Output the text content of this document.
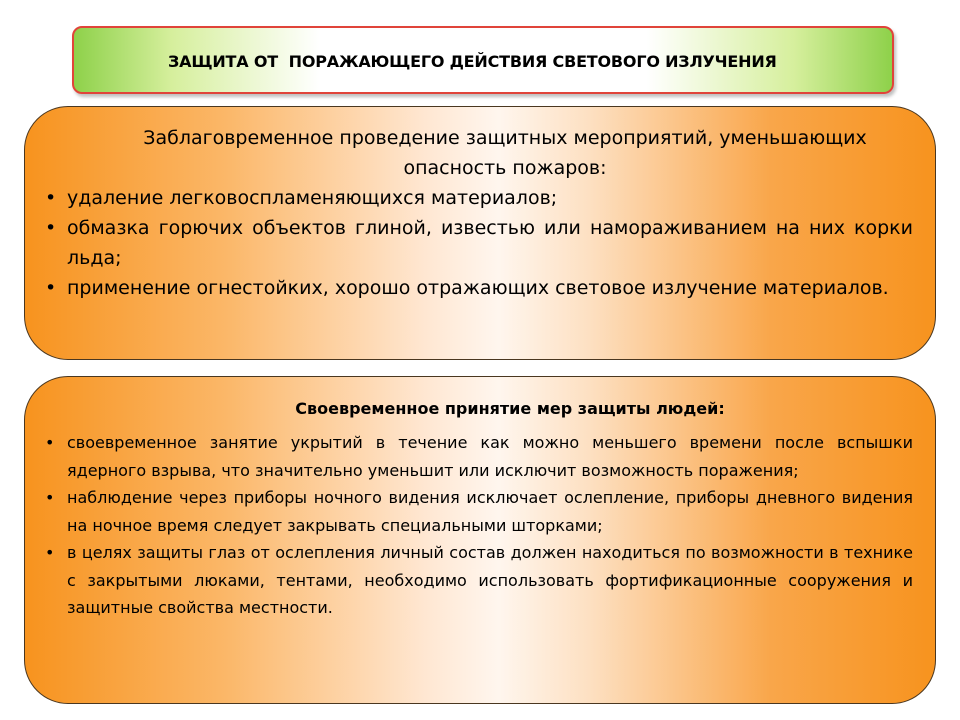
ЗАЩИТА ОТ  ПОРАЖАЮЩЕГО ДЕЙСТВИЯ СВЕТОВОГО ИЗЛУЧЕНИЯ
Заблаговременное проведение защитных мероприятий, уменьшающих опасность пожаров:
• удаление легковоспламеняющихся материалов;
• обмазка горючих объектов глиной, известью или намораживанием на них корки льда;
• применение огнестойких, хорошо отражающих световое излучение материалов.
Своевременное принятие мер защиты людей:
• своевременное занятие укрытий в течение как можно меньшего времени после вспышки ядерного взрыва, что значительно уменьшит или исключит возможность поражения;
• наблюдение через приборы ночного видения исключает ослепление, приборы дневного видения на ночное время следует закрывать специальными шторками;
• в целях защиты глаз от ослепления личный состав должен находиться по возможности в технике с закрытыми люками, тентами, необходимо использовать фортификационные сооружения и защитные свойства местности.
